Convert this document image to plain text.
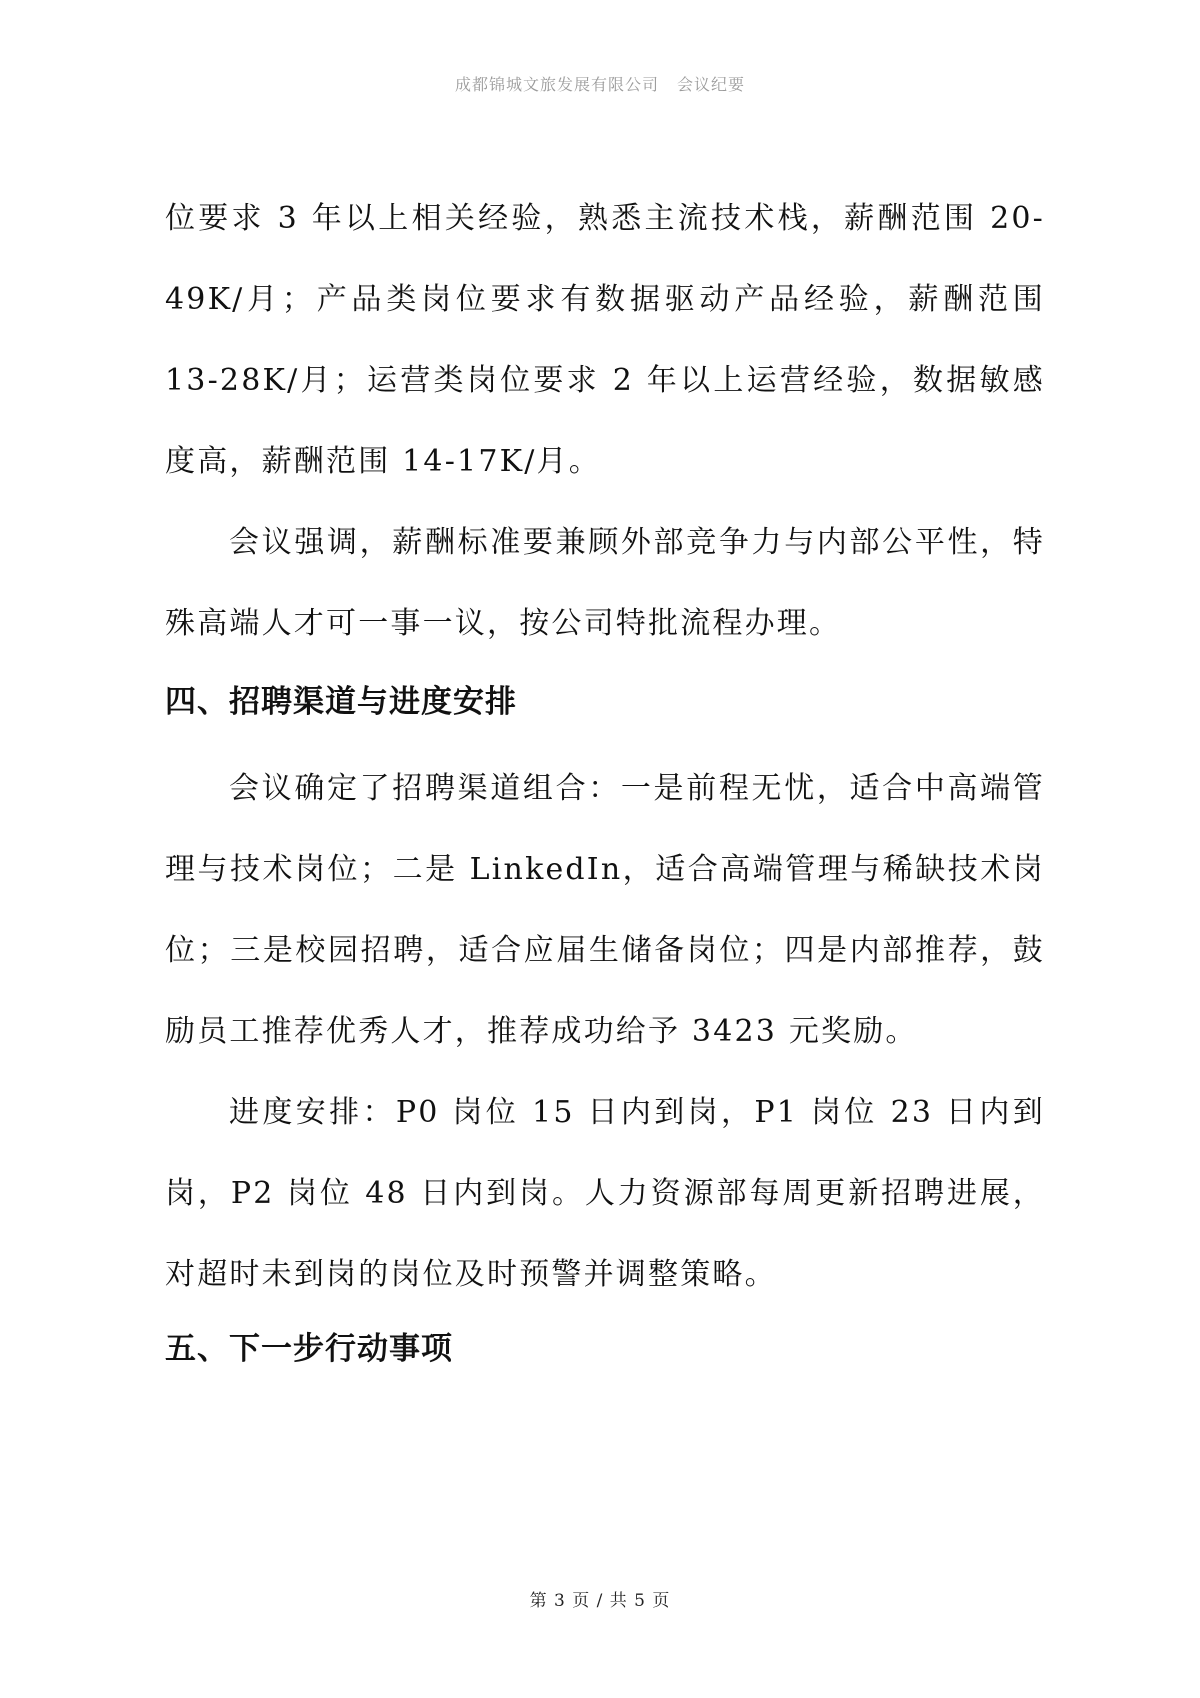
成都锦城文旅发展有限公司 会议纪要

位要求 3 年以上相关经验，熟悉主流技术栈，薪酬范围 20-49K/月；产品类岗位要求有数据驱动产品经验，薪酬范围 13-28K/月；运营类岗位要求 2 年以上运营经验，数据敏感度高，薪酬范围 14-17K/月。

会议强调，薪酬标准要兼顾外部竞争力与内部公平性，特殊高端人才可一事一议，按公司特批流程办理。

四、招聘渠道与进度安排

会议确定了招聘渠道组合：一是前程无忧，适合中高端管理与技术岗位；二是 LinkedIn，适合高端管理与稀缺技术岗位；三是校园招聘，适合应届生储备岗位；四是内部推荐，鼓励员工推荐优秀人才，推荐成功给予 3423 元奖励。

进度安排：P0 岗位 15 日内到岗，P1 岗位 23 日内到岗，P2 岗位 48 日内到岗。人力资源部每周更新招聘进展，对超时未到岗的岗位及时预警并调整策略。

五、下一步行动事项
第 3 页 / 共 5 页
